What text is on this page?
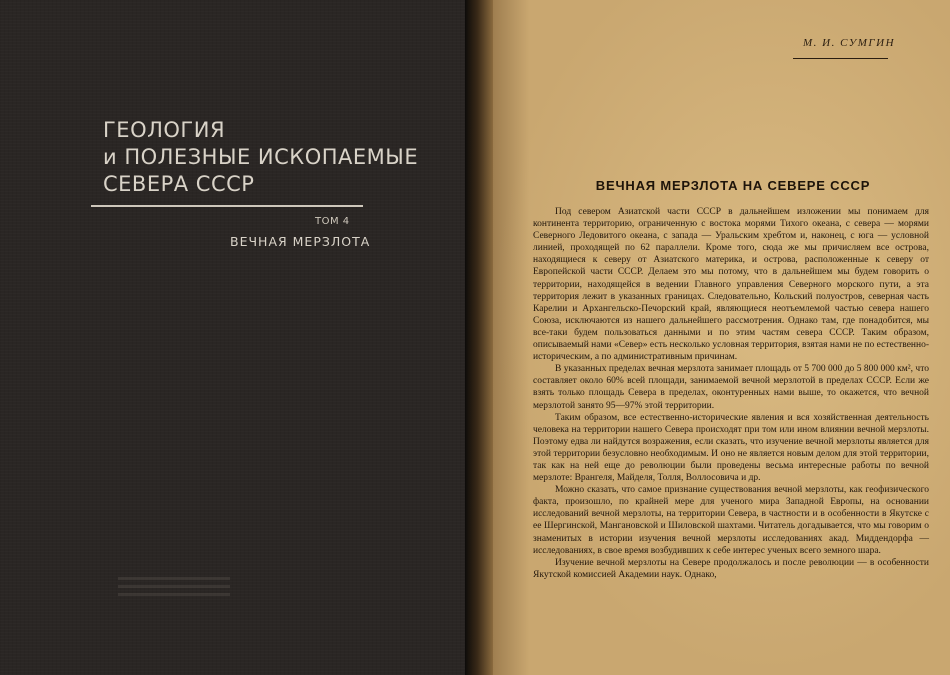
ГЕОЛОГИЯ
и ПОЛЕЗНЫЕ ИСКОПАЕМЫЕ
СЕВЕРА СССР
ТОМ 4
ВЕЧНАЯ МЕРЗЛОТА
М. И. СУМГИН
ВЕЧНАЯ МЕРЗЛОТА НА СЕВЕРЕ СССР

Под севером Азиатской части СССР в дальнейшем изложении мы понимаем для континента территорию, ограниченную с востока морями Тихого океана, с севера — морями Северного Ледовитого океана, с запада — Уральским хребтом и, наконец, с юга — условной линией, проходящей по 62 параллели. Кроме того, сюда же мы причисляем все острова, находящиеся к северу от Азиатского материка, и острова, расположенные к северу от Европейской части СССР. Делаем это мы потому, что в дальнейшем мы будем говорить о территории, находящейся в ведении Главного управления Северного морского пути, а эта территория лежит в указанных границах. Следовательно, Кольский полуостров, северная часть Карелии и Архангельско-Печорский край, являющиеся неотъемлемой частью севера нашего Союза, исключаются из нашего дальнейшего рассмотрения. Однако там, где понадобится, мы все-таки будем пользоваться данными и по этим частям севера СССР. Таким образом, описываемый нами «Север» есть несколько условная территория, взятая нами не по естественно-историческим, а по административным причинам.

В указанных пределах вечная мерзлота занимает площадь от 5 700 000 до 5 800 000 км², что составляет около 60% всей площади, занимаемой вечной мерзлотой в пределах СССР. Если же взять только площадь Севера в пределах, оконтуренных нами выше, то окажется, что вечной мерзлотой занято 95—97% этой территории.

Таким образом, все естественно-исторические явления и вся хозяйственная деятельность человека на территории нашего Севера происходят при том или ином влиянии вечной мерзлоты. Поэтому едва ли найдутся возражения, если сказать, что изучение вечной мерзлоты является для этой территории безусловно необходимым. И оно не является новым делом для этой территории, так как на ней еще до революции были проведены весьма интересные работы по вечной мерзлоте: Врангеля, Майделя, Толля, Воллосовича и др.

Можно сказать, что самое признание существования вечной мерзлоты, как геофизического факта, произошло, по крайней мере для ученого мира Западной Европы, на основании исследований вечной мерзлоты, на территории Севера, в частности и в особенности в Якутске с ее Шергинской, Мангановской и Шиловской шахтами. Читатель догадывается, что мы говорим о знаменитых в истории изучения вечной мерзлоты исследованиях акад. Миддендорфа — исследованиях, в свое время возбудивших к себе интерес ученых всего земного шара.

Изучение вечной мерзлоты на Севере продолжалось и после революции — в особенности Якутской комиссией Академии наук. Однако,
